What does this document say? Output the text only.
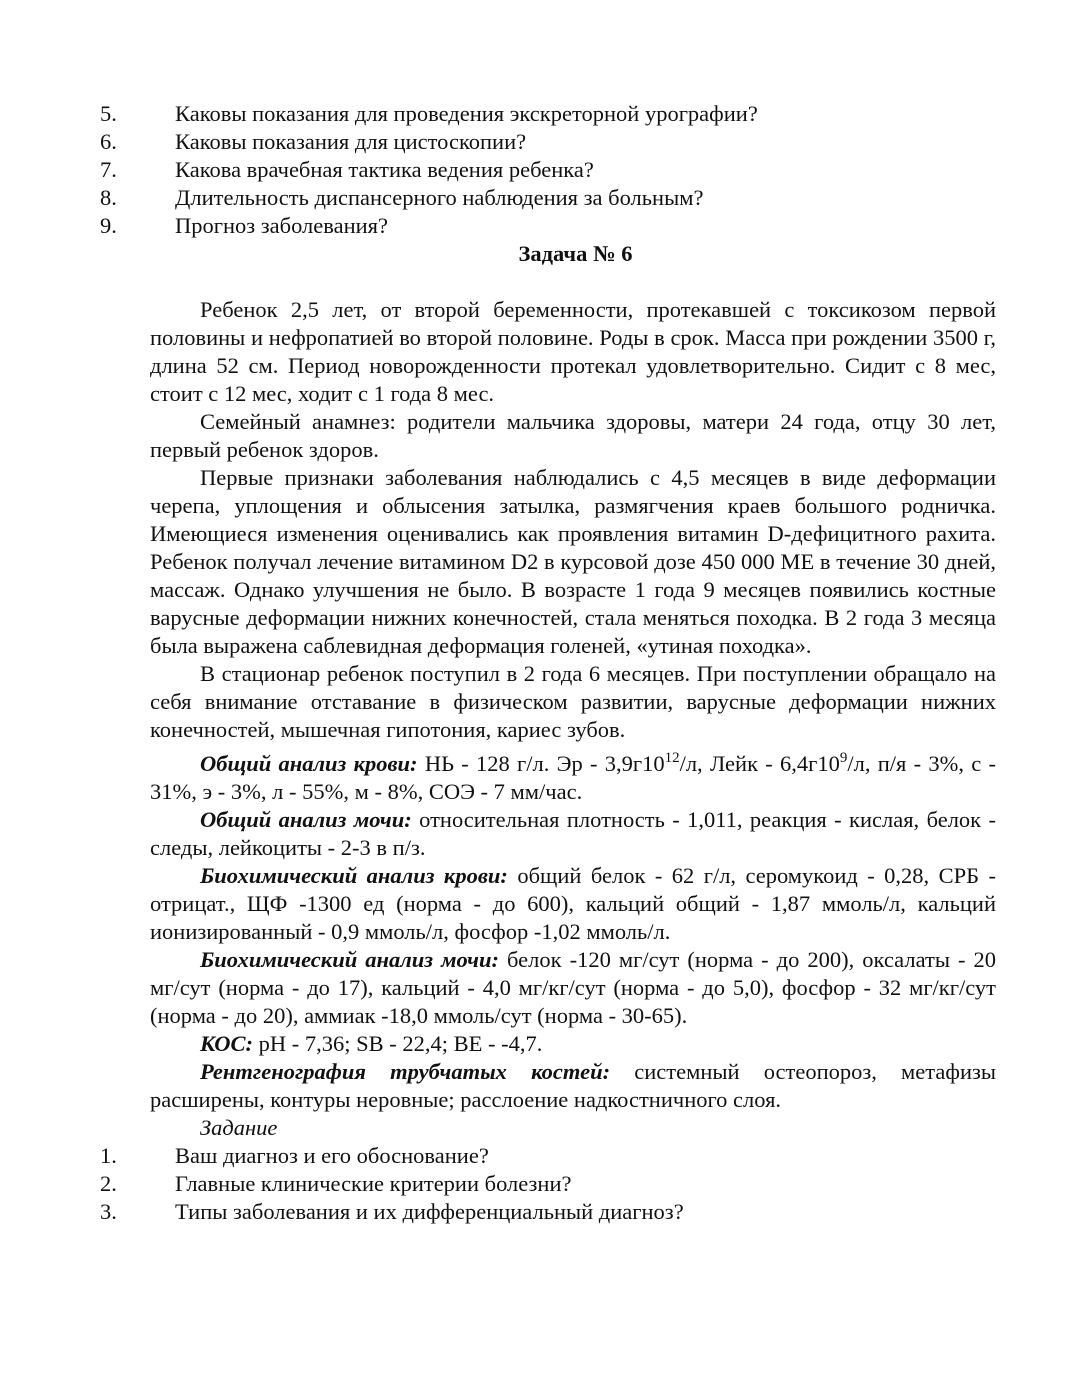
5.	Каковы показания для проведения экскреторной урографии?
6.	Каковы показания для цистоскопии?
7.	Какова врачебная тактика ведения ребенка?
8.	Длительность диспансерного наблюдения за больным?
9.	Прогноз заболевания?
Задача № 6
Ребенок 2,5 лет, от второй беременности, протекавшей с токсикозом первой половины и нефропатией во второй половине. Роды в срок. Масса при рождении 3500 г, длина 52 см. Период новорожденности протекал удовлетворительно. Сидит с 8 мес, стоит с 12 мес, ходит с 1 года 8 мес.
Семейный анамнез: родители мальчика здоровы, матери 24 года, отцу 30 лет, первый ребенок здоров.
Первые признаки заболевания наблюдались с 4,5 месяцев в виде деформации черепа, уплощения и облысения затылка, размягчения краев большого родничка. Имеющиеся изменения оценивались как проявления витамин D-дефицитного рахита. Ребенок получал лечение витамином D2 в курсовой дозе 450 000 МЕ в течение 30 дней, массаж. Однако улучшения не было. В возрасте 1 года 9 месяцев появились костные варусные деформации нижних конечностей, стала меняться походка. В 2 года 3 месяца была выражена саблевидная деформация голеней, «утиная походка».
В стационар ребенок поступил в 2 года 6 месяцев. При поступлении обращало на себя внимание отставание в физическом развитии, варусные деформации нижних конечностей, мышечная гипотония, кариес зубов.
Общий анализ крови: НЬ - 128 г/л. Эр - $3,9г10^{12}/л$, Лейк - $6,4г10^9/л$, п/я - 3%, с - 31%, э - 3%, л - 55%, м - 8%, СОЭ - 7 мм/час.
Общий анализ мочи: относительная плотность - 1,011, реакция - кислая, белок - следы, лейкоциты - 2-3 в п/з.
Биохимический анализ крови: общий белок - 62 г/л, серомукоид - 0,28, СРБ - отрицат., ЩФ -1300 ед (норма - до 600), кальций общий - 1,87 ммоль/л, кальций ионизированный - 0,9 ммоль/л, фосфор -1,02 ммоль/л.
Биохимический анализ мочи: белок -120 мг/сут (норма - до 200), оксалаты - 20 мг/сут (норма - до 17), кальций - 4,0 мг/кг/сут (норма - до 5,0), фосфор - 32 мг/кг/сут (норма - до 20), аммиак -18,0 ммоль/сут (норма - 30-65).
КОС: pH - 7,36; SB - 22,4; BE - -4,7.
Рентгенография трубчатых костей: системный остеопороз, метафизы расширены, контуры неровные; расслоение надкостничного слоя.
Задание
1.	Ваш диагноз и его обоснование?
2.	Главные клинические критерии болезни?
3.	Типы заболевания и их дифференциальный диагноз?
